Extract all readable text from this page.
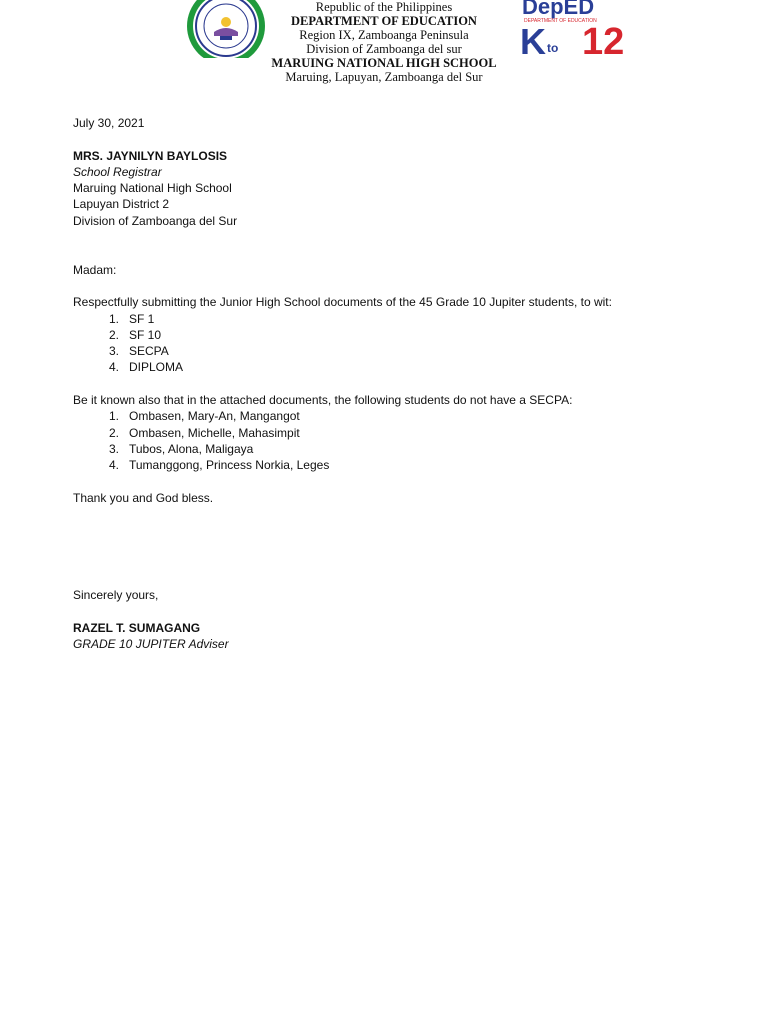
Republic of the Philippines
DEPARTMENT OF EDUCATION
Region IX, Zamboanga Peninsula
Division of Zamboanga del sur
MARUING NATIONAL HIGH SCHOOL
Maruing, Lapuyan, Zamboanga del Sur
DepED
DEPARTMENT OF EDUCATION
K to 12

July 30, 2021

MRS. JAYNILYN BAYLOSIS

School Registrar

Maruing National High School

Lapuyan District 2

Division of Zamboanga del Sur

Madam:

Respectfully submitting the Junior High School documents of the 45 Grade 10 Jupiter students, to wit:

1. SF 1
2. SF 10
3. SECPA
4. DIPLOMA

Be it known also that in the attached documents, the following students do not have a SECPA:

1. Ombasen, Mary-An, Mangangot
2. Ombasen, Michelle, Mahasimpit
3. Tubos, Alona, Maligaya
4. Tumanggong, Princess Norkia, Leges

Thank you and God bless.

Sincerely yours,

RAZEL T. SUMAGANG

GRADE 10 JUPITER Adviser
